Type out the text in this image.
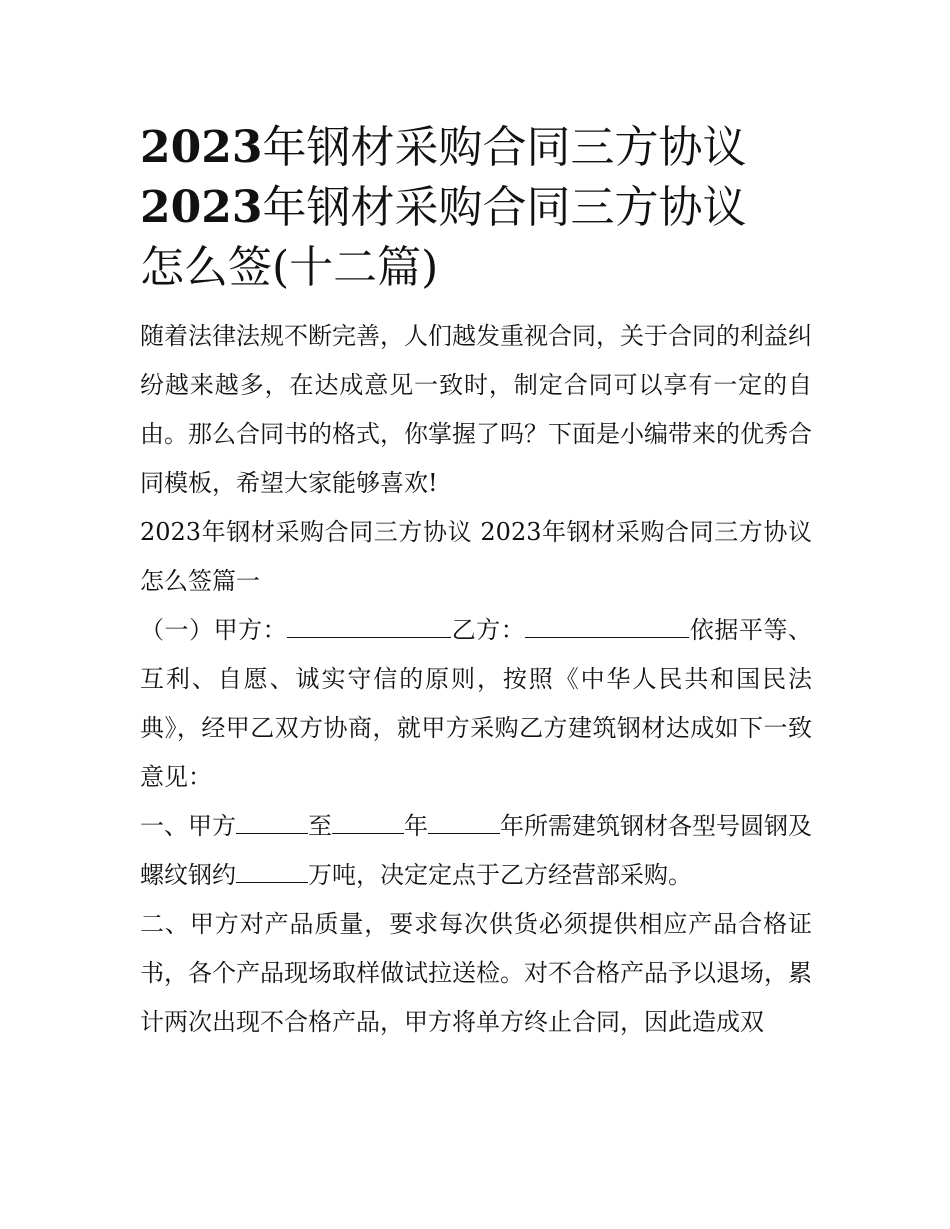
2023年钢材采购合同三方协议
2023年钢材采购合同三方协议
怎么签(十二篇)

随着法律法规不断完善，人们越发重视合同，关于合同的利益纠纷越来越多，在达成意见一致时，制定合同可以享有一定的自由。那么合同书的格式，你掌握了吗？下面是小编带来的优秀合同模板，希望大家能够喜欢!

2023年钢材采购合同三方协议 2023年钢材采购合同三方协议怎么签篇一

（一）甲方：	乙方：	依据平等、互利、自愿、诚实守信的原则，按照《中华人民共和国民法典》，经甲乙双方协商，就甲方采购乙方建筑钢材达成如下一致意见：

一、甲方	至	年	年所需建筑钢材各型号圆钢及螺纹钢约	万吨，决定定点于乙方经营部采购。

二、甲方对产品质量，要求每次供货必须提供相应产品合格证书，各个产品现场取样做试拉送检。对不合格产品予以退场，累计两次出现不合格产品，甲方将单方终止合同，因此造成双
